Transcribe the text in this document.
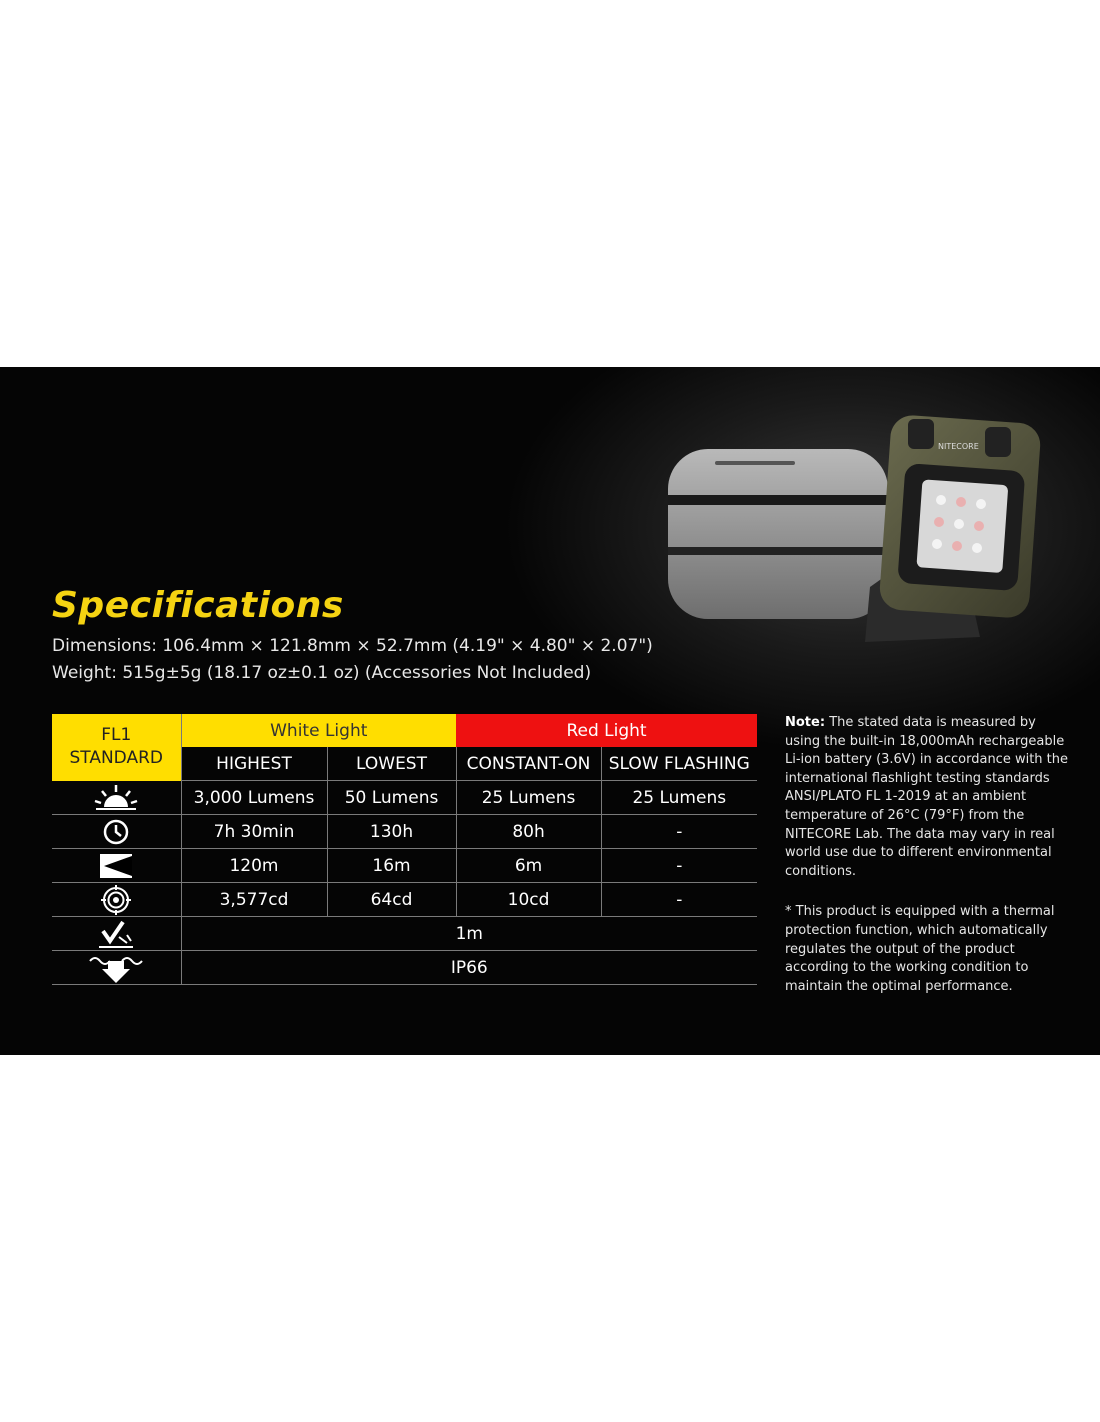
NITECORE
Specifications

Dimensions: 106.4mm × 121.8mm × 52.7mm (4.19" × 4.80" × 2.07")

Weight: 515g±5g (18.17 oz±0.1 oz) (Accessories Not Included)

FL1
STANDARD	White Light		Red Light	
	HIGHEST	LOWEST	CONSTANT-ON	SLOW FLASHING

	3,000 Lumens	50 Lumens	25 Lumens	25 Lumens

	7h 30min	130h	80h	-

	120m	16m	6m	-

	3,577cd	64cd	10cd	-

	1m			

	IP66			

Note: The stated data is measured by using the built-in 18,000mAh rechargeable Li-ion battery (3.6V) in accordance with the international flashlight testing standards ANSI/PLATO FL 1-2019 at an ambient temperature of 26°C (79°F) from the NITECORE Lab. The data may vary in real world use due to different environmental conditions.

* This product is equipped with a thermal protection function, which automatically regulates the output of the product according to the working condition to maintain the optimal performance.
